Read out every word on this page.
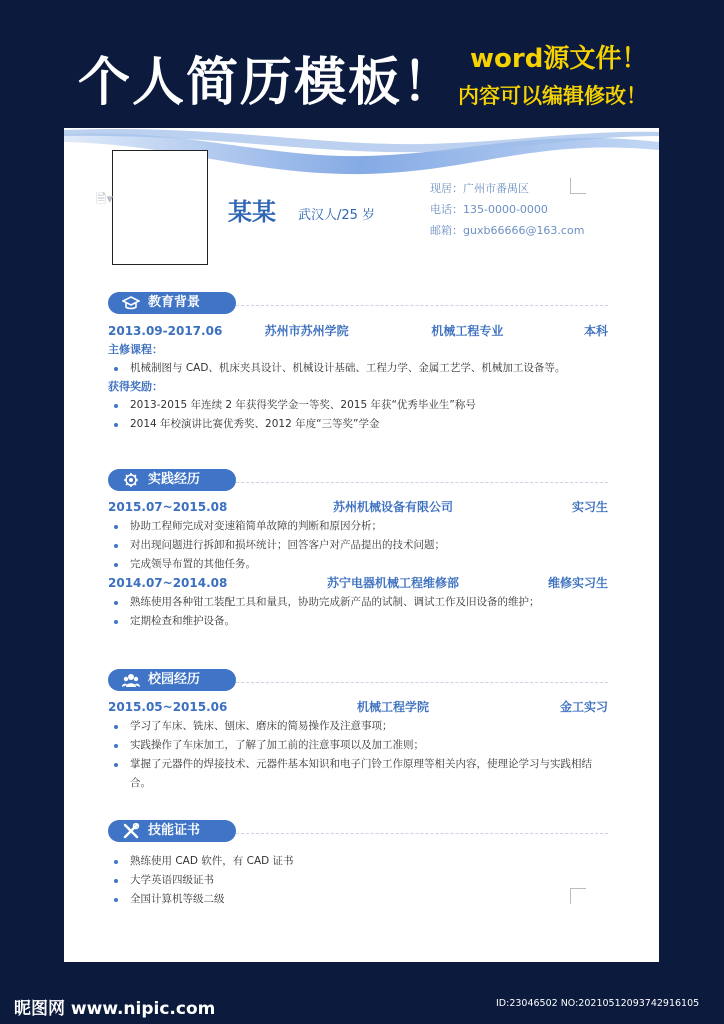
个人简历模板！ word源文件！
内容可以编辑修改！
🗎▾	某某 武汉人/25 岁
现居：广州市番禺区
电话：135-0000-0000
邮箱：guxb66666@163.com
教育背景
2013.09-2017.06	苏州市苏州学院	机械工程专业	本科
主修课程：
机械制图与 CAD、机床夹具设计、机械设计基础、工程力学、金属工艺学、机械加工设备等。
获得奖励：
2013-2015 年连续 2 年获得奖学金一等奖、2015 年获“优秀毕业生”称号
2014 年校演讲比赛优秀奖、2012 年度“三等奖”学金
实践经历
2015.07~2015.08	苏州机械设备有限公司	实习生
协助工程师完成对变速箱简单故障的判断和原因分析；
对出现问题进行拆卸和损坏统计；回答客户对产品提出的技术问题；
完成领导布置的其他任务。
2014.07~2014.08	苏宁电器机械工程维修部	维修实习生
熟练使用各种钳工装配工具和量具，协助完成新产品的试制、调试工作及旧设备的维护；
定期检查和维护设备。
校园经历
2015.05~2015.06	机械工程学院	金工实习
学习了车床、铣床、刨床、磨床的简易操作及注意事项；
实践操作了车床加工，了解了加工前的注意事项以及加工准则；
掌握了元器件的焊接技术、元器件基本知识和电子门铃工作原理等相关内容，使理论学习与实践相结合。
技能证书
熟练使用 CAD 软件，有 CAD 证书
大学英语四级证书
全国计算机等级二级
昵图网 www.nipic.com	ID:23046502 NO:20210512093742916105
